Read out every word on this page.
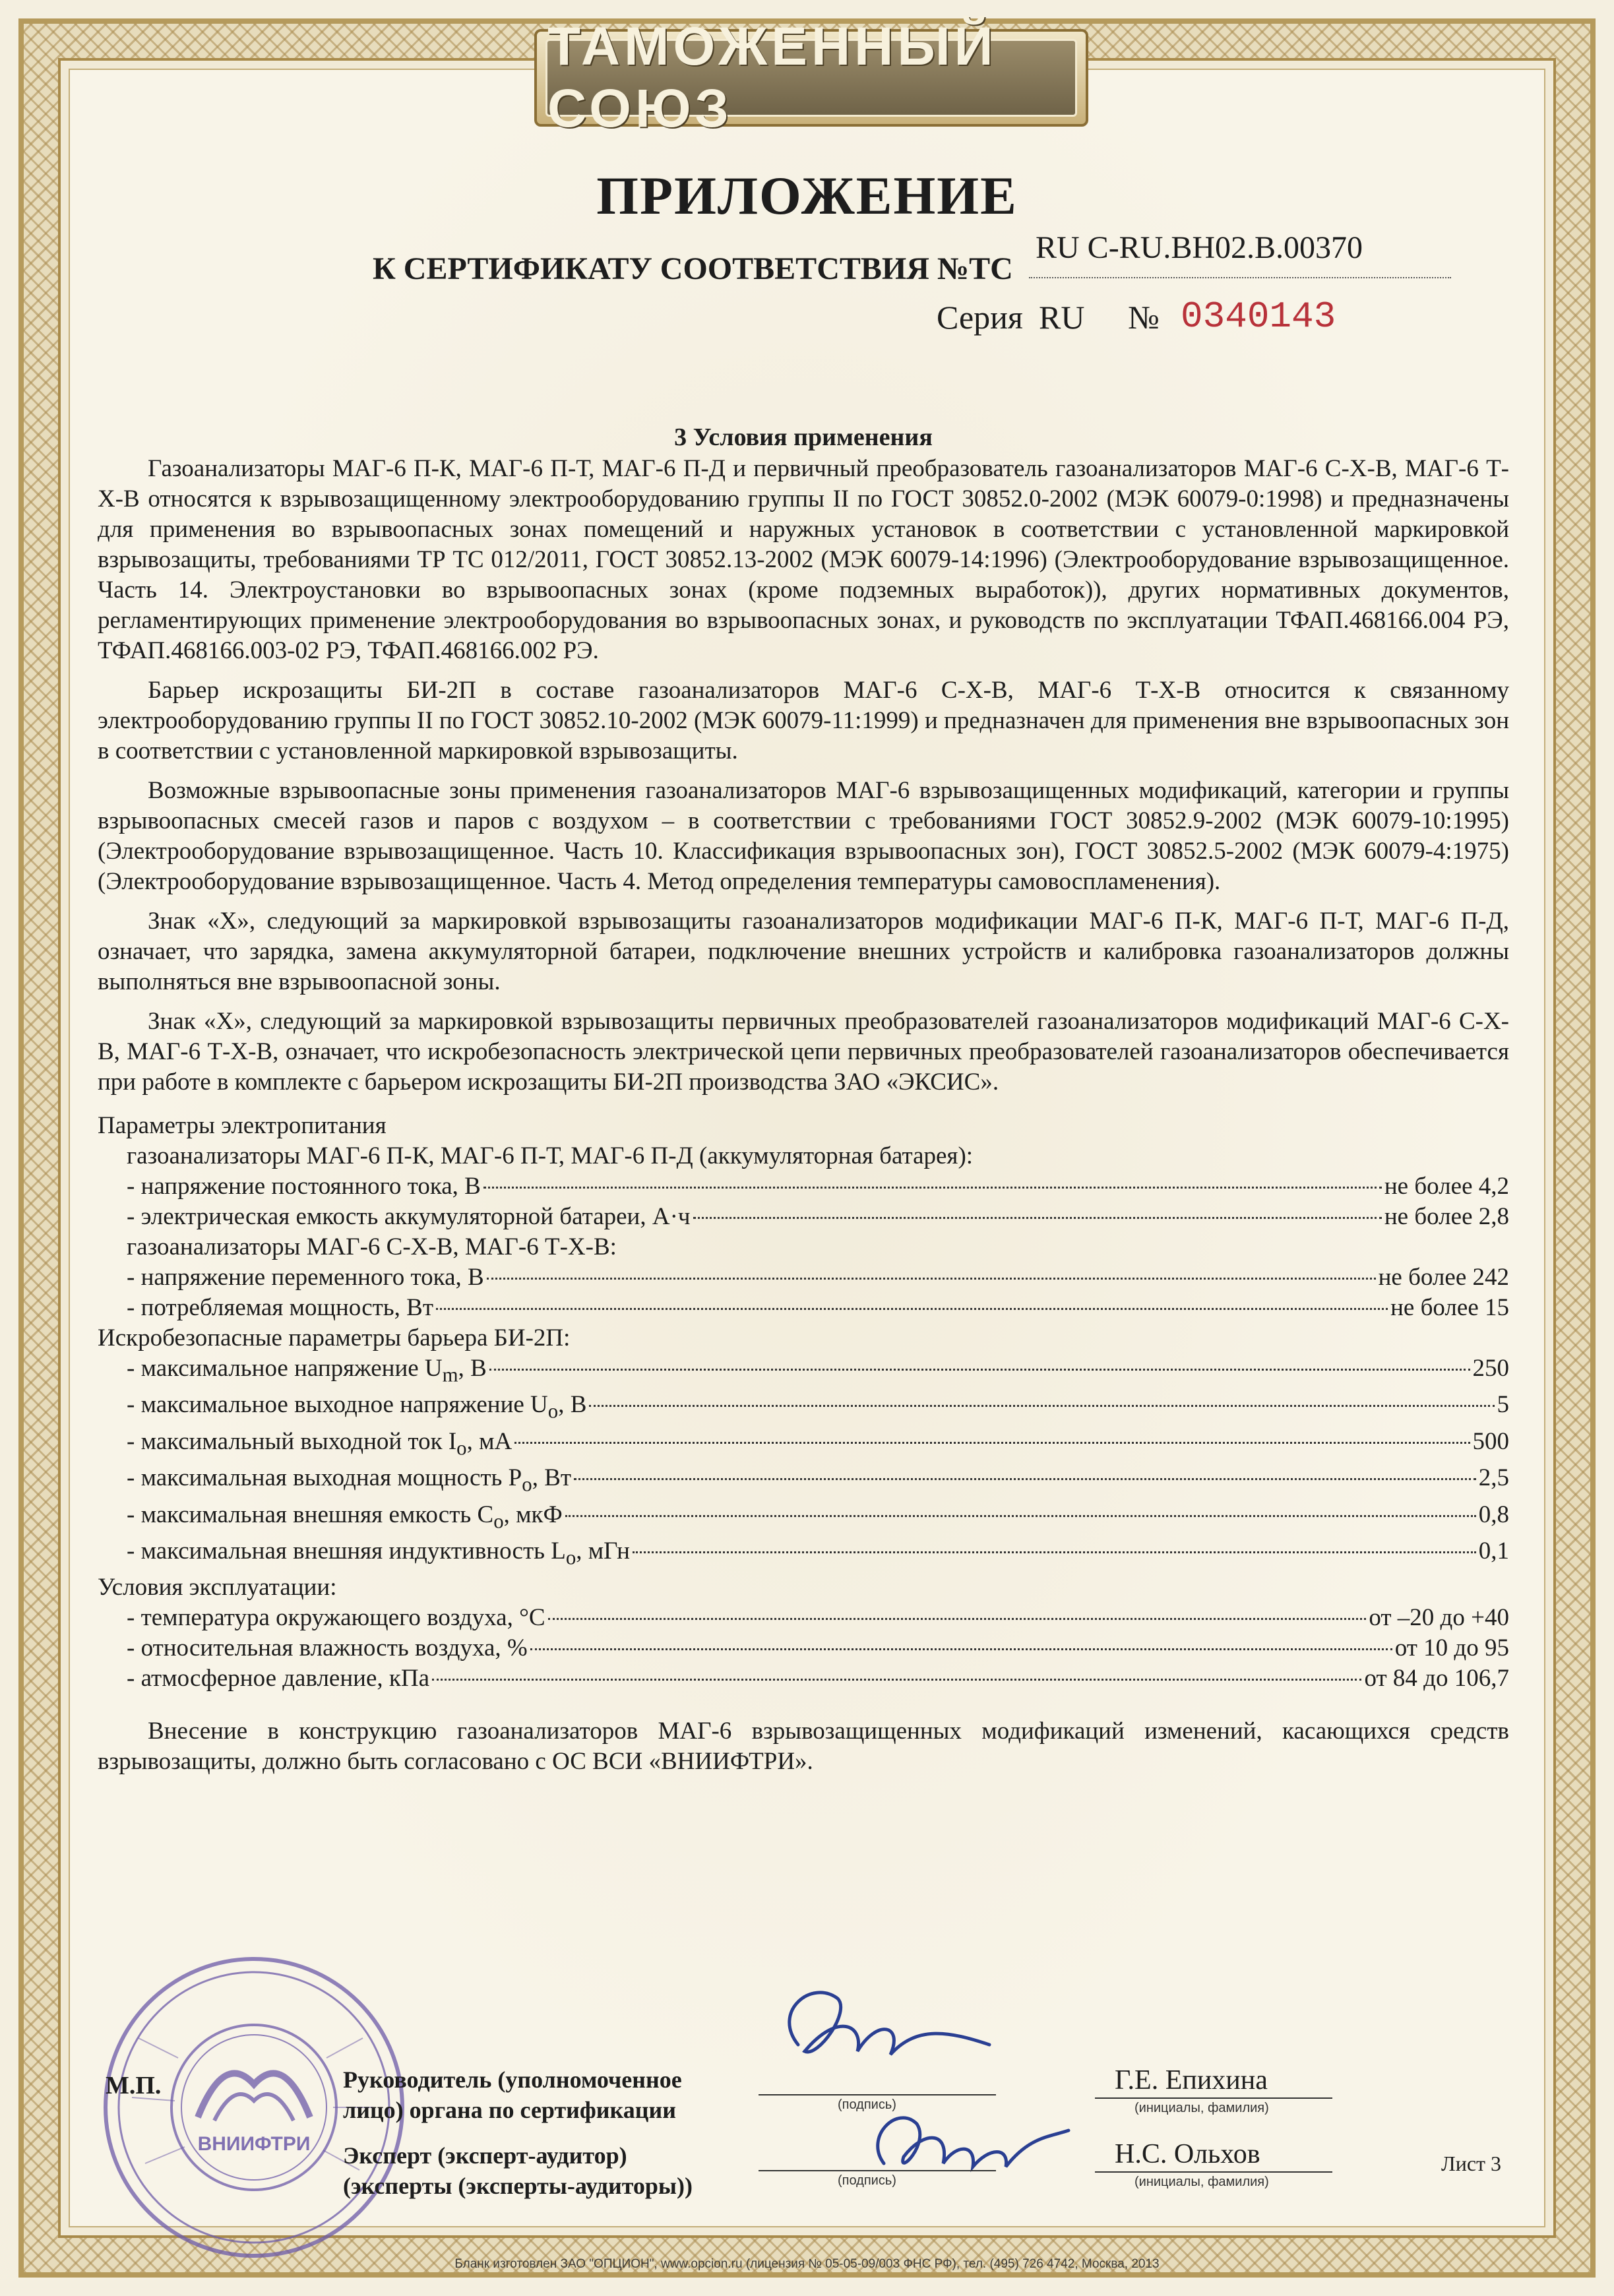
ТАМОЖЕННЫЙ СОЮЗ
ПРИЛОЖЕНИЕ
К СЕРТИФИКАТУ СООТВЕТСТВИЯ №ТС
RU C-RU.BH02.B.00370
Серия RU № 0340143
3 Условия применения

Газоанализаторы МАГ-6 П-К, МАГ-6 П-Т, МАГ-6 П-Д и первичный преобразователь газоанализаторов МАГ-6 С-Х-В, МАГ-6 Т-Х-В относятся к взрывозащищенному электрооборудованию группы II по ГОСТ 30852.0-2002 (МЭК 60079-0:1998) и предназначены для применения во взрывоопасных зонах помещений и наружных установок в соответствии с установленной маркировкой взрывозащиты, требованиями ТР ТС 012/2011, ГОСТ 30852.13-2002 (МЭК 60079-14:1996) (Электрооборудование взрывозащищенное. Часть 14. Электроустановки во взрывоопасных зонах (кроме подземных выработок)), других нормативных документов, регламентирующих применение электрооборудования во взрывоопасных зонах, и руководств по эксплуатации ТФАП.468166.004 РЭ, ТФАП.468166.003-02 РЭ, ТФАП.468166.002 РЭ.

Барьер искрозащиты БИ-2П в составе газоанализаторов МАГ-6 С-Х-В, МАГ-6 Т-Х-В относится к связанному электрооборудованию группы II по ГОСТ 30852.10-2002 (МЭК 60079-11:1999) и предназначен для применения вне взрывоопасных зон в соответствии с установленной маркировкой взрывозащиты.

Возможные взрывоопасные зоны применения газоанализаторов МАГ-6 взрывозащищенных модификаций, категории и группы взрывоопасных смесей газов и паров с воздухом – в соответствии с требованиями ГОСТ 30852.9-2002 (МЭК 60079-10:1995) (Электрооборудование взрывозащищенное. Часть 10. Классификация взрывоопасных зон), ГОСТ 30852.5-2002 (МЭК 60079-4:1975) (Электрооборудование взрывозащищенное. Часть 4. Метод определения температуры самовоспламенения).

Знак «Х», следующий за маркировкой взрывозащиты газоанализаторов модификации МАГ-6 П-К, МАГ-6 П-Т, МАГ-6 П-Д, означает, что зарядка, замена аккумуляторной батареи, подключение внешних устройств и калибровка газоанализаторов должны выполняться вне взрывоопасной зоны.

Знак «Х», следующий за маркировкой взрывозащиты первичных преобразователей газоанализаторов модификаций МАГ-6 С-Х-В, МАГ-6 Т-Х-В, означает, что искробезопасность электрической цепи первичных преобразователей газоанализаторов обеспечивается при работе в комплекте с барьером искрозащиты БИ-2П производства ЗАО «ЭКСИС».

Параметры электропитания
газоанализаторы МАГ-6 П-К, МАГ-6 П-Т, МАГ-6 П-Д (аккумуляторная батарея):
- напряжение постоянного тока, В	не более 4,2
- электрическая емкость аккумуляторной батареи, А·ч	не более 2,8
газоанализаторы МАГ-6 С-Х-В, МАГ-6 Т-Х-В:
- напряжение переменного тока, В	не более 242
- потребляемая мощность, Вт	не более 15
Искробезопасные параметры барьера БИ-2П:
- максимальное напряжение $U_m$, В	250
- максимальное выходное напряжение $U_o$, В	5
- максимальный выходной ток $I_o$, мА	500
- максимальная выходная мощность $P_o$, Вт	2,5
- максимальная внешняя емкость $C_o$, мкФ	0,8
- максимальная внешняя индуктивность $L_o$, мГн	0,1
Условия эксплуатации:
- температура окружающего воздуха, °С	от –20 до +40
- относительная влажность воздуха, %	от 10 до 95
- атмосферное давление, кПа	от 84 до 106,7

Внесение в конструкцию газоанализаторов МАГ-6 взрывозащищенных модификаций изменений, касающихся средств взрывозащиты, должно быть согласовано с ОС ВСИ «ВНИИФТРИ».

ВНИИФТРИ
М.П.	Руководитель (уполномоченное
лицо) органа по сертификации
Эксперт (эксперт-аудитор)
(эксперты (эксперты-аудиторы))
(подпись)
Г.Е. Епихина
(инициалы, фамилия)
(подпись)
Н.С. Ольхов
(инициалы, фамилия)
Лист 3
Бланк изготовлен ЗАО "ОПЦИОН", www.opcion.ru (лицензия № 05-05-09/003 ФНС РФ), тел. (495) 726 4742, Москва, 2013
